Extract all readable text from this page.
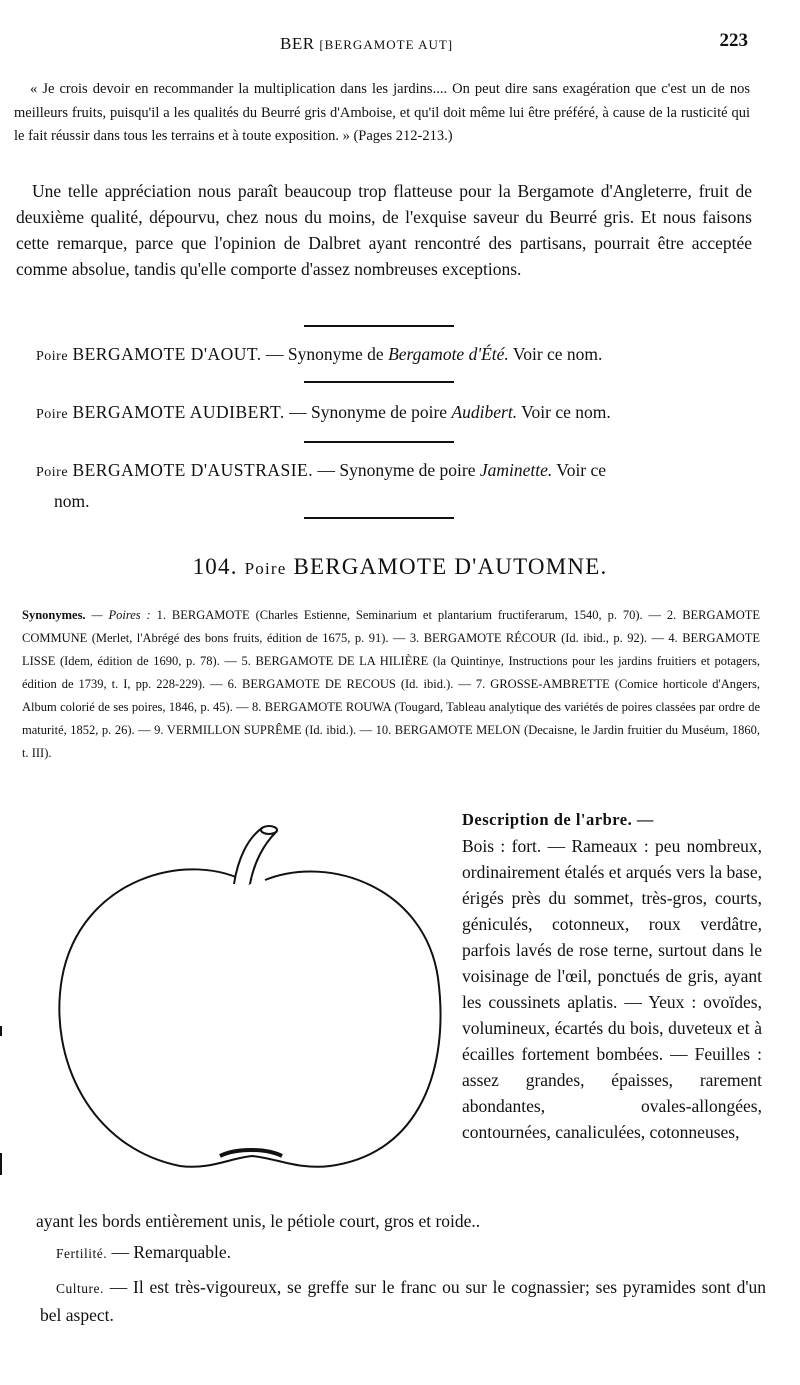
BER [BERGAMOTE AUT]	223

« Je crois devoir en recommander la multiplication dans les jardins.... On peut dire sans exagération que c'est un de nos meilleurs fruits, puisqu'il a les qualités du Beurré gris d'Amboise, et qu'il doit même lui être préféré, à cause de la rusticité qui le fait réussir dans tous les terrains et à toute exposition. » (Pages 212-213.)

Une telle appréciation nous paraît beaucoup trop flatteuse pour la Bergamote d'Angleterre, fruit de deuxième qualité, dépourvu, chez nous du moins, de l'exquise saveur du Beurré gris. Et nous faisons cette remarque, parce que l'opinion de Dalbret ayant rencontré des partisans, pourrait être acceptée comme absolue, tandis qu'elle comporte d'assez nombreuses exceptions.

Poire BERGAMOTE D'AOUT. — Synonyme de Bergamote d'Été. Voir ce nom.
Poire BERGAMOTE AUDIBERT. — Synonyme de poire Audibert. Voir ce nom.
Poire BERGAMOTE D'AUSTRASIE. — Synonyme de poire Jaminette. Voir ce
nom.
104. Poire BERGAMOTE D'AUTOMNE.
Synonymes. — Poires : 1. BERGAMOTE (Charles Estienne, Seminarium et plantarium fructiferarum, 1540, p. 70). — 2. BERGAMOTE COMMUNE (Merlet, l'Abrégé des bons fruits, édition de 1675, p. 91). — 3. BERGAMOTE RÉCOUR (Id. ibid., p. 92). — 4. BERGAMOTE LISSE (Idem, édition de 1690, p. 78). — 5. BERGAMOTE DE LA HILIÈRE (la Quintinye, Instructions pour les jardins fruitiers et potagers, édition de 1739, t. I, pp. 228-229). — 6. BERGAMOTE DE RECOUS (Id. ibid.). — 7. GROSSE-AMBRETTE (Comice horticole d'Angers, Album colorié de ses poires, 1846, p. 45). — 8. BERGAMOTE ROUWA (Tougard, Tableau analytique des variétés de poires classées par ordre de maturité, 1852, p. 26). — 9. VERMILLON SUPRÊME (Id. ibid.). — 10. BERGAMOTE MELON (Decaisne, le Jardin fruitier du Muséum, 1860, t. III).

Description de l'arbre. —

Bois : fort. — Rameaux : peu nombreux, ordinairement étalés et arqués vers la base, érigés près du sommet, très-gros, courts, géniculés, cotonneux, roux verdâtre, parfois lavés de rose terne, surtout dans le voisinage de l'œil, ponctués de gris, ayant les coussinets aplatis. — Yeux : ovoïdes, volumineux, écartés du bois, duveteux et à écailles fortement bombées. — Feuilles : assez grandes, épaisses, rarement abondantes, ovales-allongées, contournées, canaliculées, cotonneuses,

ayant les bords entièrement unis, le pétiole court, gros et roide..

Fertilité. — Remarquable.

Culture. — Il est très-vigoureux, se greffe sur le franc ou sur le cognassier; ses pyramides sont d'un bel aspect.
